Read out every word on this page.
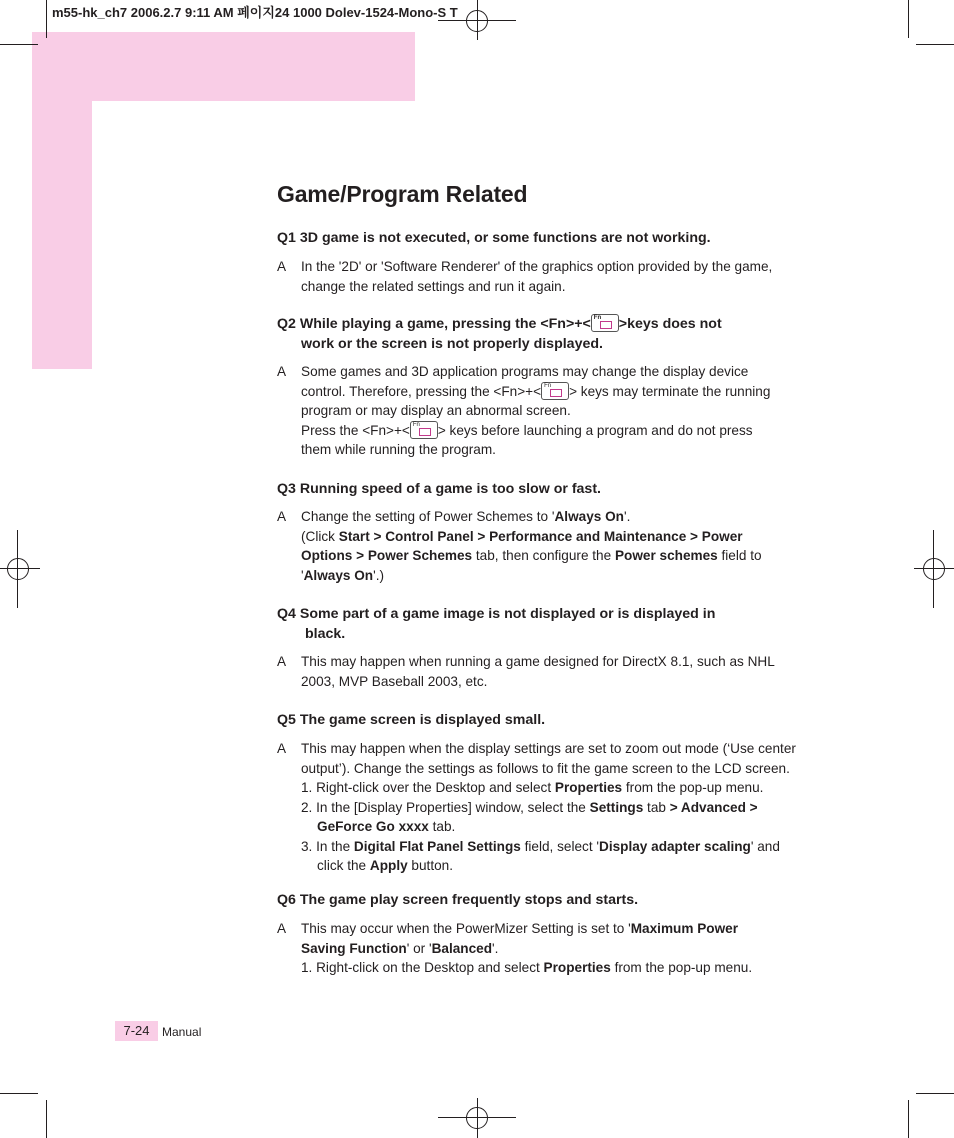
m55-hk_ch7 2006.2.7 9:11 AM 페이지24 1000 Dolev-1524-Mono-S T
Game/Program Related
Q1 3D game is not executed, or some functions are not working.
A In the '2D' or 'Software Renderer' of the graphics option provided by the game, change the related settings and run it again.
Q2 While playing a game, pressing the <Fn>+< Fn >keys does not
work or the screen is not properly displayed.
A Some games and 3D application programs may change the display device control. Therefore, pressing the <Fn>+< Fn > keys may terminate the running program or may display an abnormal screen.
Press the <Fn>+< Fn > keys before launching a program and do not press them while running the program.
Q3 Running speed of a game is too slow or fast.
A Change the setting of Power Schemes to 'Always On'.
(Click Start > Control Panel > Performance and Maintenance > Power Options > Power Schemes tab, then configure the Power schemes field to 'Always On'.)
Q4 Some part of a game image is not displayed or is displayed in
black.
A This may happen when running a game designed for DirectX 8.1, such as NHL 2003, MVP Baseball 2003, etc.
Q5 The game screen is displayed small.
A This may happen when the display settings are set to zoom out mode (‘Use center output’). Change the settings as follows to fit the game screen to the LCD screen.
1. Right-click over the Desktop and select Properties from the pop-up menu.
2. In the [Display Properties] window, select the Settings tab > Advanced > GeForce Go xxxx tab.
3. In the Digital Flat Panel Settings field, select 'Display adapter scaling' and click the Apply button.
Q6 The game play screen frequently stops and starts.
A This may occur when the PowerMizer Setting is set to 'Maximum Power Saving Function' or 'Balanced'.
1. Right-click on the Desktop and select Properties from the pop-up menu.
7-24	Manual
